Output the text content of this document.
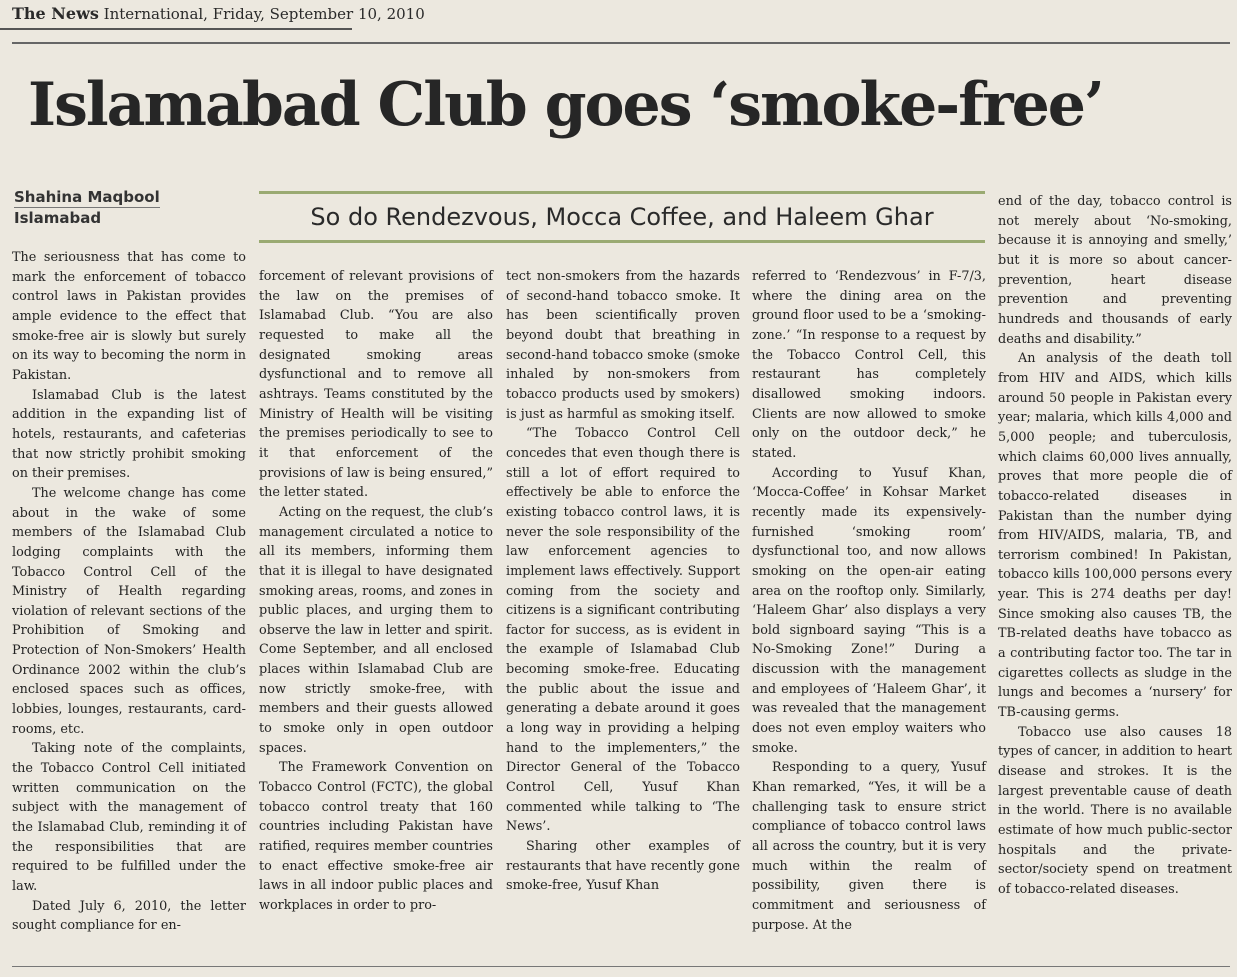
The News International, Friday, September 10, 2010
Islamabad Club goes ‘smoke-free’
Shahina Maqbool
Islamabad	So do Rendezvous, Mocca Coffee, and Haleem Ghar

The seriousness that has come to mark the enforcement of tobacco control laws in Pakistan provides ample evidence to the effect that smoke-free air is slowly but surely on its way to becoming the norm in Pakistan.

Islamabad Club is the latest addition in the expanding list of hotels, restaurants, and cafeterias that now strictly prohibit smoking on their premises.

The welcome change has come about in the wake of some members of the Islamabad Club lodging complaints with the Tobacco Control Cell of the Ministry of Health regarding violation of relevant sections of the Prohibition of Smoking and Protection of Non-Smokers’ Health Ordinance 2002 within the club’s enclosed spaces such as offices, lobbies, lounges, restaurants, card-rooms, etc.

Taking note of the complaints, the Tobacco Control Cell initiated written communication on the subject with the management of the Islamabad Club, reminding it of the responsibilities that are required to be fulfilled under the law.

Dated July 6, 2010, the letter sought compliance for en-

forcement of relevant provisions of the law on the premises of Islamabad Club. “You are also requested to make all the designated smoking areas dysfunctional and to remove all ashtrays. Teams constituted by the Ministry of Health will be visiting the premises periodically to see to it that enforcement of the provisions of law is being ensured,” the letter stated.

Acting on the request, the club’s management circulated a notice to all its members, informing them that it is illegal to have designated smoking areas, rooms, and zones in public places, and urging them to observe the law in letter and spirit. Come September, and all enclosed places within Islamabad Club are now strictly smoke-free, with members and their guests allowed to smoke only in open outdoor spaces.

The Framework Convention on Tobacco Control (FCTC), the global tobacco control treaty that 160 countries including Pakistan have ratified, requires member countries to enact effective smoke-free air laws in all indoor public places and workplaces in order to pro-

tect non-smokers from the hazards of second-hand tobacco smoke. It has been scientifically proven beyond doubt that breathing in second-hand tobacco smoke (smoke inhaled by non-smokers from tobacco products used by smokers) is just as harmful as smoking itself.

“The Tobacco Control Cell concedes that even though there is still a lot of effort required to effectively be able to enforce the existing tobacco control laws, it is never the sole responsibility of the law enforcement agencies to implement laws effectively. Support coming from the society and citizens is a significant contributing factor for success, as is evident in the example of Islamabad Club becoming smoke-free. Educating the public about the issue and generating a debate around it goes a long way in providing a helping hand to the implementers,” the Director General of the Tobacco Control Cell, Yusuf Khan commented while talking to ‘The News’.

Sharing other examples of restaurants that have recently gone smoke-free, Yusuf Khan

referred to ‘Rendezvous’ in F-7/3, where the dining area on the ground floor used to be a ‘smoking-zone.’ “In response to a request by the Tobacco Control Cell, this restaurant has completely disallowed smoking indoors. Clients are now allowed to smoke only on the outdoor deck,” he stated.

According to Yusuf Khan, ‘Mocca-Coffee’ in Kohsar Market recently made its expensively-furnished ‘smoking room’ dysfunctional too, and now allows smoking on the open-air eating area on the rooftop only. Similarly, ‘Haleem Ghar’ also displays a very bold signboard saying “This is a No-Smoking Zone!” During a discussion with the management and employees of ‘Haleem Ghar’, it was revealed that the management does not even employ waiters who smoke.

Responding to a query, Yusuf Khan remarked, “Yes, it will be a challenging task to ensure strict compliance of tobacco control laws all across the country, but it is very much within the realm of possibility, given there is commitment and seriousness of purpose. At the

end of the day, tobacco control is not merely about ‘No-smoking, because it is annoying and smelly,’ but it is more so about cancer-prevention, heart disease prevention and preventing hundreds and thousands of early deaths and disability.”

An analysis of the death toll from HIV and AIDS, which kills around 50 people in Pakistan every year; malaria, which kills 4,000 and 5,000 people; and tuberculosis, which claims 60,000 lives annually, proves that more people die of tobacco-related diseases in Pakistan than the number dying from HIV/AIDS, malaria, TB, and terrorism combined! In Pakistan, tobacco kills 100,000 persons every year. This is 274 deaths per day! Since smoking also causes TB, the TB-related deaths have tobacco as a contributing factor too. The tar in cigarettes collects as sludge in the lungs and becomes a ‘nursery’ for TB-causing germs.

Tobacco use also causes 18 types of cancer, in addition to heart disease and strokes. It is the largest preventable cause of death in the world. There is no available estimate of how much public-sector hospitals and the private-sector/society spend on treatment of tobacco-related diseases.
